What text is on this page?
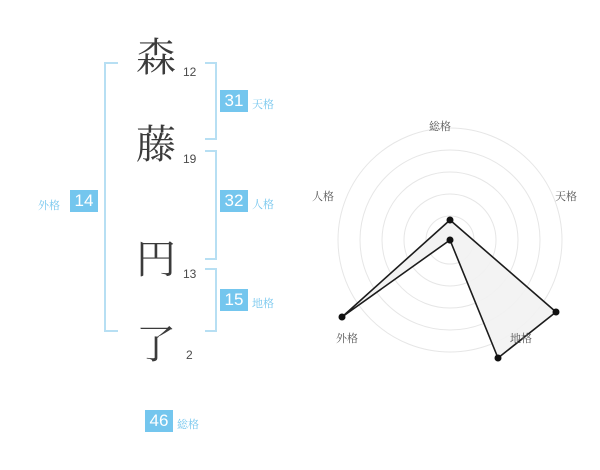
外格 14
森 12
藤 19
円 13
了 2
31 天格
32 人格
15 地格
46 総格
総格
天格
地格
外格
人格
